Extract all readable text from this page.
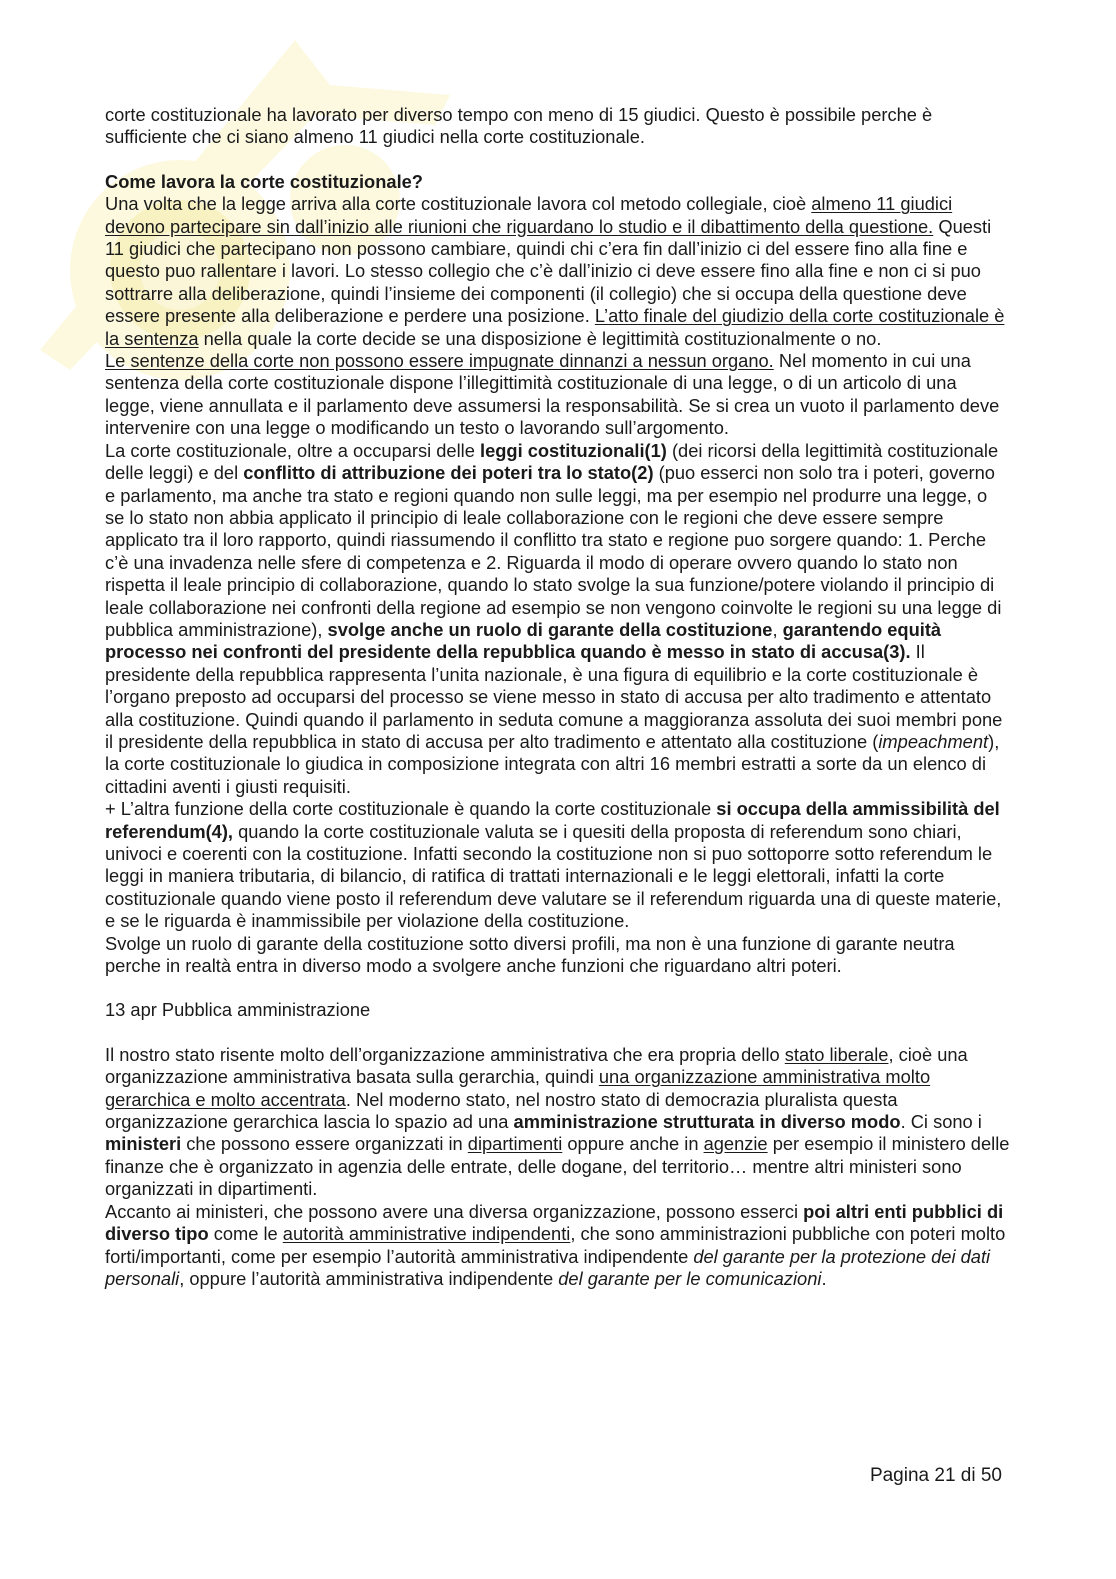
corte costituzionale ha lavorato per diverso tempo con meno di 15 giudici. Questo è possibile perche è sufficiente che ci siano almeno 11 giudici nella corte costituzionale.

Come lavora la corte costituzionale?

Una volta che la legge arriva alla corte costituzionale lavora col metodo collegiale, cioè almeno 11 giudici devono partecipare sin dall’inizio alle riunioni che riguardano lo studio e il dibattimento della questione. Questi 11 giudici che partecipano non possono cambiare, quindi chi c’era fin dall’inizio ci del essere fino alla fine e questo puo rallentare i lavori. Lo stesso collegio che c’è dall’inizio ci deve essere fino alla fine e non ci si puo sottrarre alla deliberazione, quindi l’insieme dei componenti (il collegio) che si occupa della questione deve essere presente alla deliberazione e perdere una posizione. L’atto finale del giudizio della corte costituzionale è la sentenza nella quale la corte decide se una disposizione è legittimità costituzionalmente o no.

Le sentenze della corte non possono essere impugnate dinnanzi a nessun organo. Nel momento in cui una sentenza della corte costituzionale dispone l’illegittimità costituzionale di una legge, o di un articolo di una legge, viene annullata e il parlamento deve assumersi la responsabilità. Se si crea un vuoto il parlamento deve intervenire con una legge o modificando un testo o lavorando sull’argomento.

La corte costituzionale, oltre a occuparsi delle leggi costituzionali(1) (dei ricorsi della legittimità costituzionale delle leggi) e del conflitto di attribuzione dei poteri tra lo stato(2) (puo esserci non solo tra i poteri, governo e parlamento, ma anche tra stato e regioni quando non sulle leggi, ma per esempio nel produrre una legge, o se lo stato non abbia applicato il principio di leale collaborazione con le regioni che deve essere sempre applicato tra il loro rapporto, quindi riassumendo il conflitto tra stato e regione puo sorgere quando: 1. Perche c’è una invadenza nelle sfere di competenza e 2. Riguarda il modo di operare ovvero quando lo stato non rispetta il leale principio di collaborazione, quando lo stato svolge la sua funzione/potere violando il principio di leale collaborazione nei confronti della regione ad esempio se non vengono coinvolte le regioni su una legge di pubblica amministrazione), svolge anche un ruolo di garante della costituzione, garantendo equità processo nei confronti del presidente della repubblica quando è messo in stato di accusa(3). Il presidente della repubblica rappresenta l’unita nazionale, è una figura di equilibrio e la corte costituzionale è l’organo preposto ad occuparsi del processo se viene messo in stato di accusa per alto tradimento e attentato alla costituzione. Quindi quando il parlamento in seduta comune a maggioranza assoluta dei suoi membri pone il presidente della repubblica in stato di accusa per alto tradimento e attentato alla costituzione (impeachment), la corte costituzionale lo giudica in composizione integrata con altri 16 membri estratti a sorte da un elenco di cittadini aventi i giusti requisiti.

+ L’altra funzione della corte costituzionale è quando la corte costituzionale si occupa della ammissibilità del referendum(4), quando la corte costituzionale valuta se i quesiti della proposta di referendum sono chiari, univoci e coerenti con la costituzione. Infatti secondo la costituzione non si puo sottoporre sotto referendum le leggi in maniera tributaria, di bilancio, di ratifica di trattati internazionali e le leggi elettorali, infatti la corte costituzionale quando viene posto il referendum deve valutare se il referendum riguarda una di queste materie, e se le riguarda è inammissibile per violazione della costituzione.

Svolge un ruolo di garante della costituzione sotto diversi profili, ma non è una funzione di garante neutra perche in realtà entra in diverso modo a svolgere anche funzioni che riguardano altri poteri.

13 apr Pubblica amministrazione

Il nostro stato risente molto dell’organizzazione amministrativa che era propria dello stato liberale, cioè una organizzazione amministrativa basata sulla gerarchia, quindi una organizzazione amministrativa molto gerarchica e molto accentrata. Nel moderno stato, nel nostro stato di democrazia pluralista questa organizzazione gerarchica lascia lo spazio ad una amministrazione strutturata in diverso modo. Ci sono i ministeri che possono essere organizzati in dipartimenti oppure anche in agenzie per esempio il ministero delle finanze che è organizzato in agenzia delle entrate, delle dogane, del territorio… mentre altri ministeri sono organizzati in dipartimenti.

Accanto ai ministeri, che possono avere una diversa organizzazione, possono esserci poi altri enti pubblici di diverso tipo come le autorità amministrative indipendenti, che sono amministrazioni pubbliche con poteri molto forti/importanti, come per esempio l’autorità amministrativa indipendente del garante per la protezione dei dati personali, oppure l’autorità amministrativa indipendente del garante per le comunicazioni.

Pagina 21 di 50
